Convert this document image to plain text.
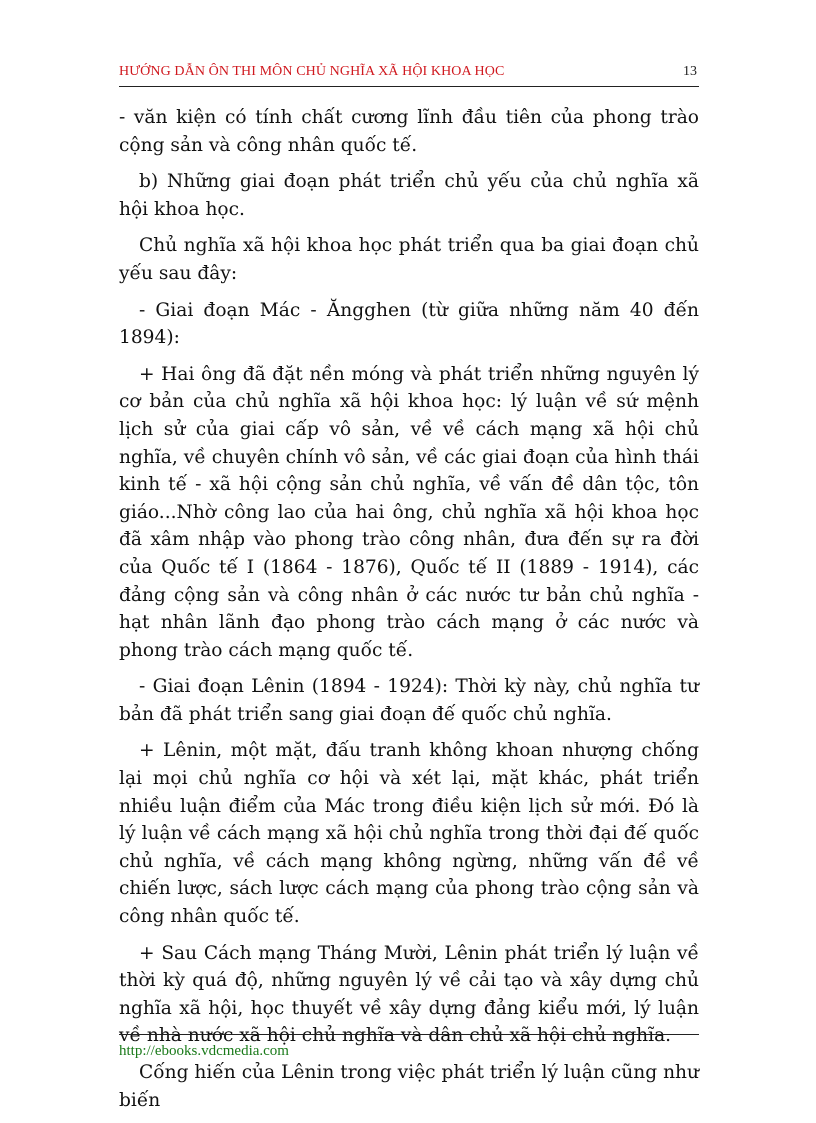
HƯỚNG DẪN ÔN THI MÔN CHỦ NGHĨA XÃ HỘI KHOA HỌC	13

- văn kiện có tính chất cương lĩnh đầu tiên của phong trào cộng sản và công nhân quốc tế.

b) Những giai đoạn phát triển chủ yếu của chủ nghĩa xã hội khoa học.

Chủ nghĩa xã hội khoa học phát triển qua ba giai đoạn chủ yếu sau đây:

- Giai đoạn Mác - Ăngghen (từ giữa những năm 40 đến 1894):

+ Hai ông đã đặt nền móng và phát triển những nguyên lý cơ bản của chủ nghĩa xã hội khoa học: lý luận về sứ mệnh lịch sử của giai cấp vô sản, về về cách mạng xã hội chủ nghĩa, về chuyên chính vô sản, về các giai đoạn của hình thái kinh tế - xã hội cộng sản chủ nghĩa, về vấn đề dân tộc, tôn giáo...Nhờ công lao của hai ông, chủ nghĩa xã hội khoa học đã xâm nhập vào phong trào công nhân, đưa đến sự ra đời của Quốc tế I (1864 - 1876), Quốc tế II (1889 - 1914), các đảng cộng sản và công nhân ở các nước tư bản chủ nghĩa - hạt nhân lãnh đạo phong trào cách mạng ở các nước và phong trào cách mạng quốc tế.

- Giai đoạn Lênin (1894 - 1924): Thời kỳ này, chủ nghĩa tư bản đã phát triển sang giai đoạn đế quốc chủ nghĩa.

+ Lênin, một mặt, đấu tranh không khoan nhượng chống lại mọi chủ nghĩa cơ hội và xét lại, mặt khác, phát triển nhiều luận điểm của Mác trong điều kiện lịch sử mới. Đó là lý luận về cách mạng xã hội chủ nghĩa trong thời đại đế quốc chủ nghĩa, về cách mạng không ngừng, những vấn đề về chiến lược, sách lược cách mạng của phong trào cộng sản và công nhân quốc tế.

+ Sau Cách mạng Tháng Mười, Lênin phát triển lý luận về thời kỳ quá độ, những nguyên lý về cải tạo và xây dựng chủ nghĩa xã hội, học thuyết về xây dựng đảng kiểu mới, lý luận về nhà nước xã hội chủ nghĩa và dân chủ xã hội chủ nghĩa.

Cống hiến của Lênin trong việc phát triển lý luận cũng như biến

http://ebooks.vdcmedia.com
